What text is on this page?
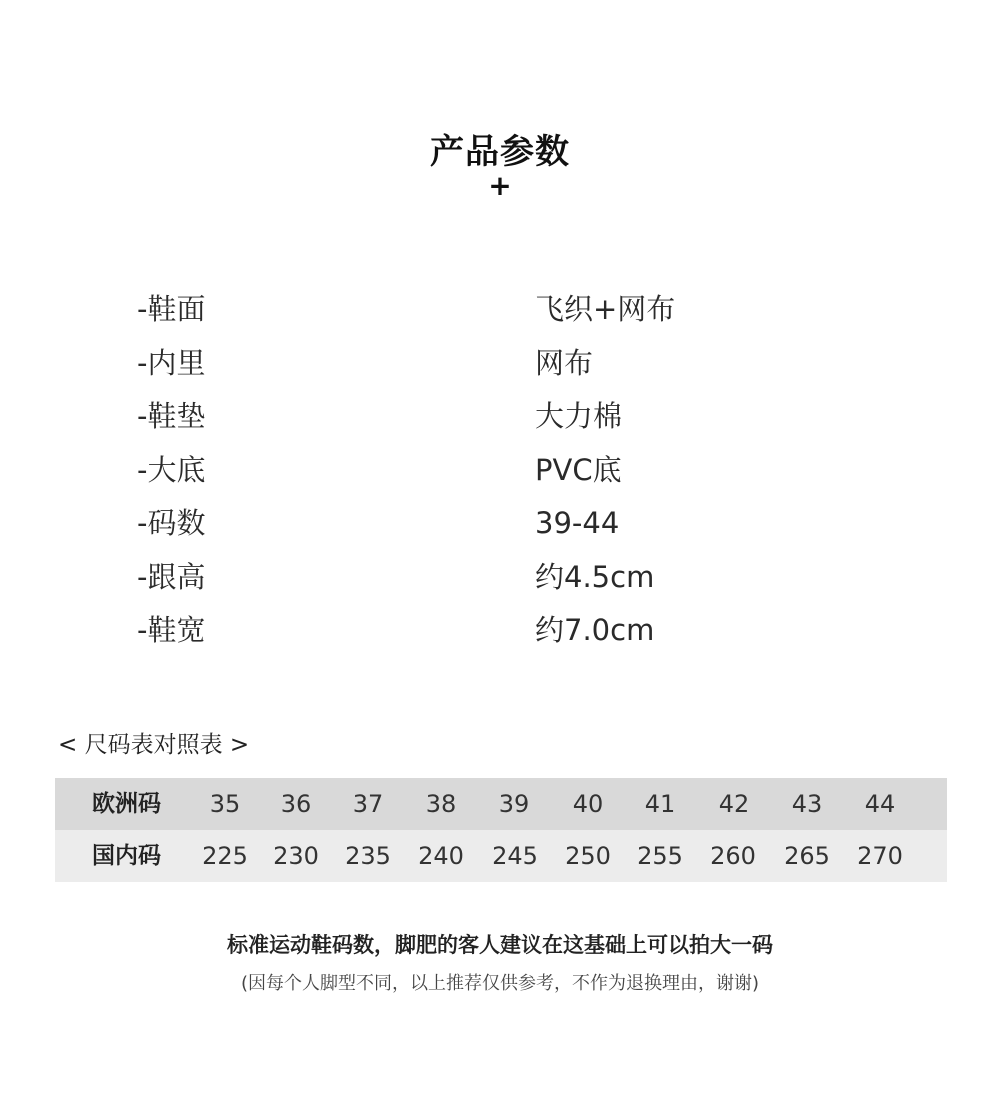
产品参数
+
-鞋面	飞织+网布
-内里	网布
-鞋垫	大力棉
-大底	PVC底
-码数	39-44
-跟高	约4.5cm
-鞋宽	约7.0cm
< 尺码表对照表 >
欧洲码	35	36	37	38	39	40	41	42	43	44
国内码	225	230	235	240	245	250	255	260	265	270
标准运动鞋码数，脚肥的客人建议在这基础上可以拍大一码
(因每个人脚型不同，以上推荐仅供参考，不作为退换理由，谢谢)
